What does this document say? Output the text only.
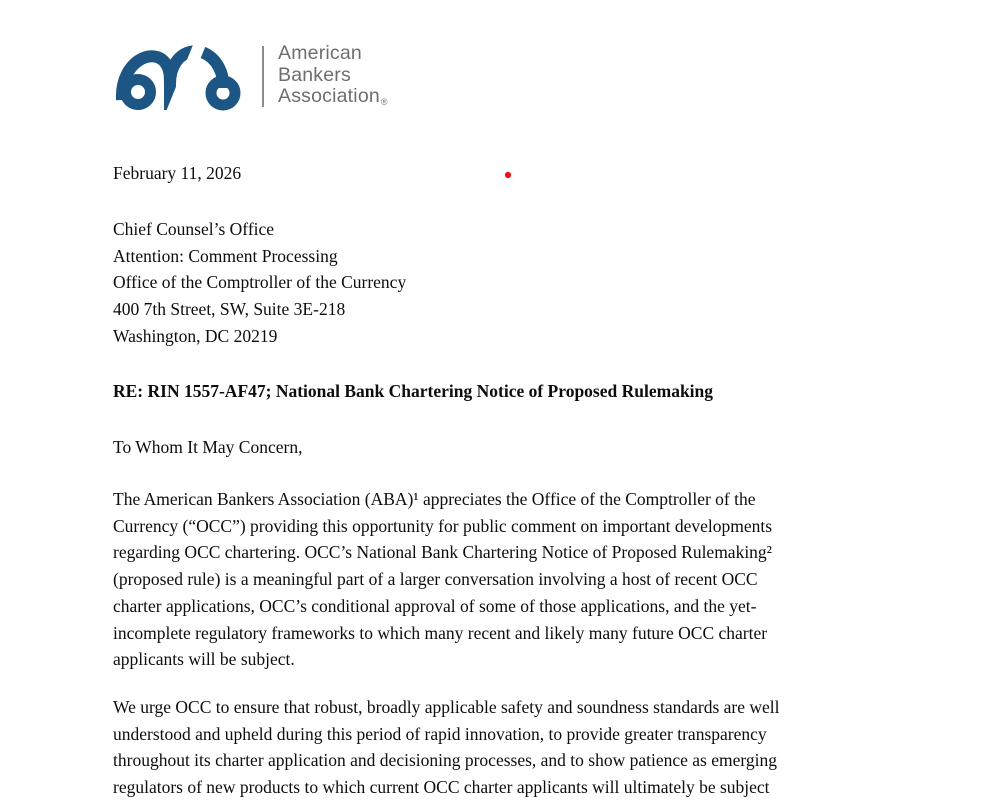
American
Bankers
Association®
February 11, 2026
Chief Counsel’s Office
Attention: Comment Processing
Office of the Comptroller of the Currency
400 7th Street, SW, Suite 3E-218
Washington, DC 20219
RE: RIN 1557-AF47; National Bank Chartering Notice of Proposed Rulemaking
To Whom It May Concern,
The American Bankers Association (ABA)¹ appreciates the Office of the Comptroller of the
Currency (“OCC”) providing this opportunity for public comment on important developments
regarding OCC chartering. OCC’s National Bank Chartering Notice of Proposed Rulemaking²
(proposed rule) is a meaningful part of a larger conversation involving a host of recent OCC
charter applications, OCC’s conditional approval of some of those applications, and the yet-
incomplete regulatory frameworks to which many recent and likely many future OCC charter
applicants will be subject.
We urge OCC to ensure that robust, broadly applicable safety and soundness standards are well
understood and upheld during this period of rapid innovation, to provide greater transparency
throughout its charter application and decisioning processes, and to show patience as emerging
regulators of new products to which current OCC charter applicants will ultimately be subject
